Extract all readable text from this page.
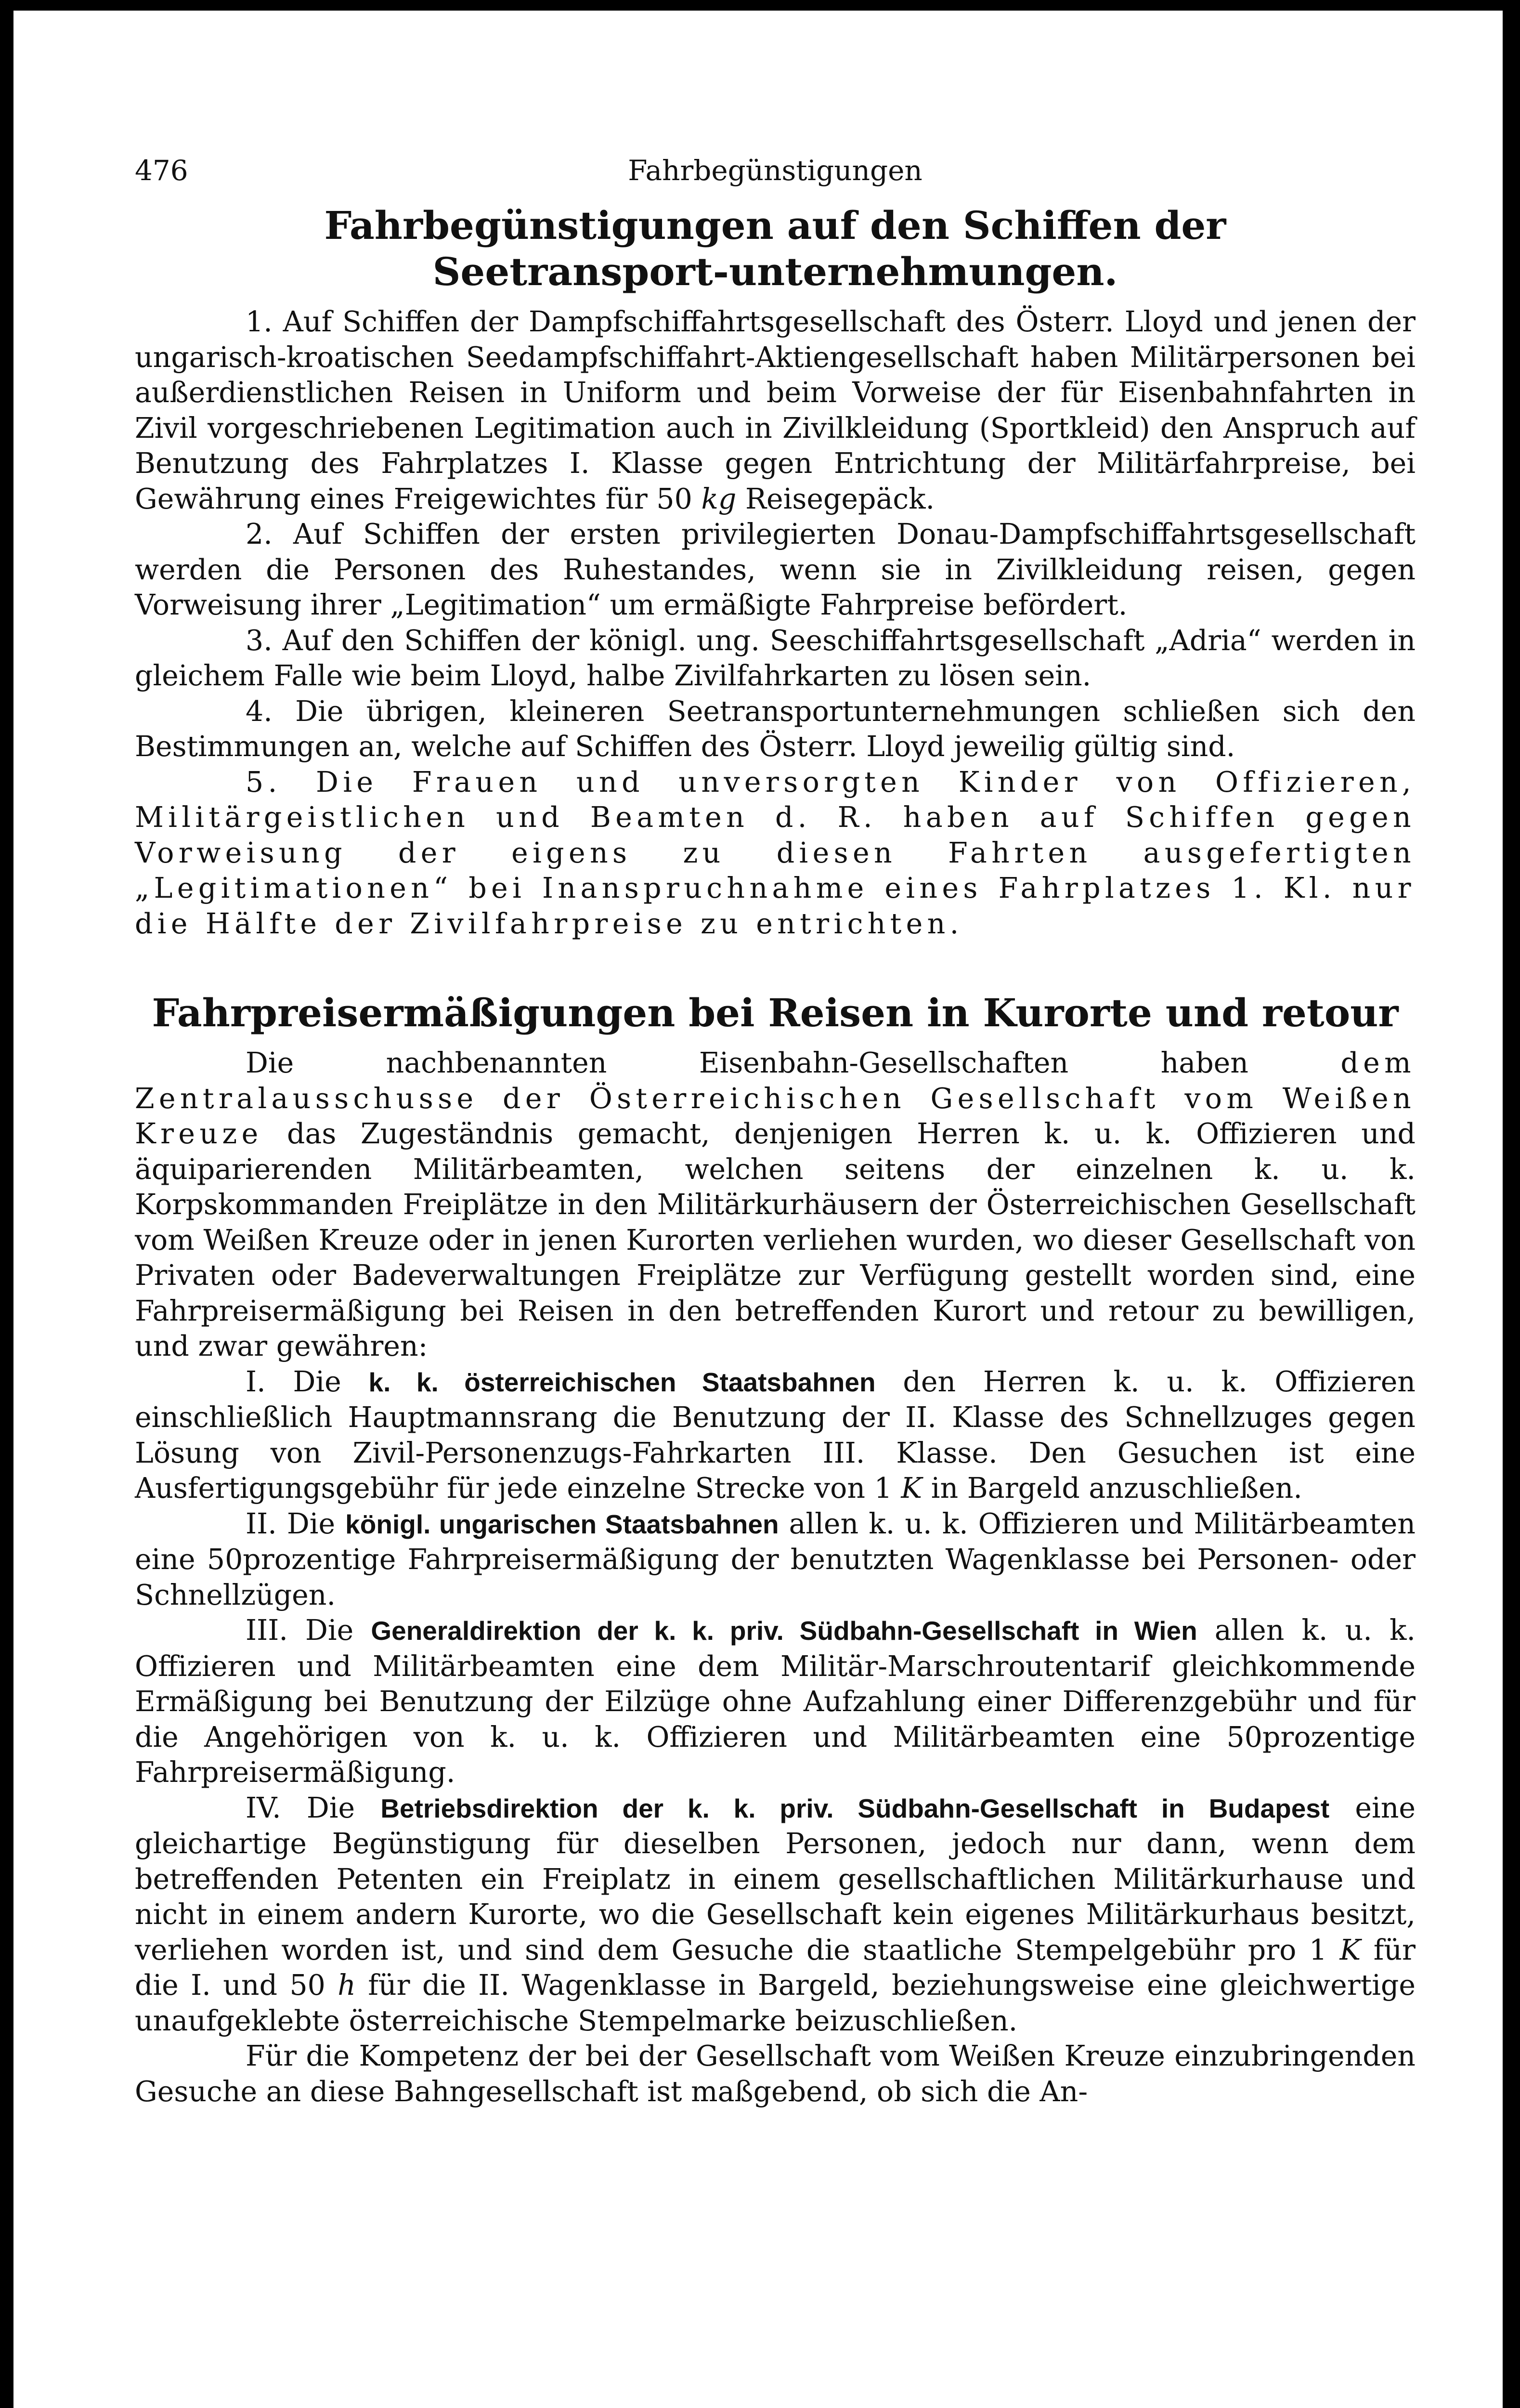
476	Fahrbegünstigungen
Fahrbegünstigungen auf den Schiffen der Seetransport-unternehmungen.

1. Auf Schiffen der Dampfschiffahrtsgesellschaft des Österr. Lloyd und jenen der ungarisch-kroatischen Seedampfschiffahrt-Aktiengesellschaft haben Militärpersonen bei außerdienstlichen Reisen in Uniform und beim Vorweise der für Eisenbahnfahrten in Zivil vorgeschriebenen Legitimation auch in Zivilkleidung (Sportkleid) den Anspruch auf Benutzung des Fahrplatzes I. Klasse gegen Entrichtung der Militärfahrpreise, bei Gewährung eines Freigewichtes für 50 kg Reisegepäck.

2. Auf Schiffen der ersten privilegierten Donau-Dampfschiffahrtsgesellschaft werden die Personen des Ruhestandes, wenn sie in Zivilkleidung reisen, gegen Vorweisung ihrer „Legitimation“ um ermäßigte Fahrpreise befördert.

3. Auf den Schiffen der königl. ung. Seeschiffahrtsgesellschaft „Adria“ werden in gleichem Falle wie beim Lloyd, halbe Zivilfahrkarten zu lösen sein.

4. Die übrigen, kleineren Seetransportunternehmungen schließen sich den Bestimmungen an, welche auf Schiffen des Österr. Lloyd jeweilig gültig sind.

5. Die Frauen und unversorgten Kinder von Offizieren, Militärgeistlichen und Beamten d. R. haben auf Schiffen gegen Vorweisung der eigens zu diesen Fahrten ausgefertigten „Legitimationen“ bei Inanspruchnahme eines Fahrplatzes 1. Kl. nur die Hälfte der Zivilfahrpreise zu entrichten.

Fahrpreisermäßigungen bei Reisen in Kurorte und retour

Die nachbenannten Eisenbahn-Gesellschaften haben dem Zentralausschusse der Österreichischen Gesellschaft vom Weißen Kreuze das Zugeständnis gemacht, denjenigen Herren k. u. k. Offizieren und äquiparierenden Militärbeamten, welchen seitens der einzelnen k. u. k. Korpskommanden Freiplätze in den Militärkurhäusern der Österreichischen Gesellschaft vom Weißen Kreuze oder in jenen Kurorten verliehen wurden, wo dieser Gesellschaft von Privaten oder Badeverwaltungen Freiplätze zur Verfügung gestellt worden sind, eine Fahrpreisermäßigung bei Reisen in den betreffenden Kurort und retour zu bewilligen, und zwar gewähren:

I. Die k. k. österreichischen Staatsbahnen den Herren k. u. k. Offizieren einschließlich Hauptmannsrang die Benutzung der II. Klasse des Schnellzuges gegen Lösung von Zivil-Personenzugs-Fahrkarten III. Klasse. Den Gesuchen ist eine Ausfertigungsgebühr für jede einzelne Strecke von 1 K in Bargeld anzuschließen.

II. Die königl. ungarischen Staatsbahnen allen k. u. k. Offizieren und Militärbeamten eine 50prozentige Fahrpreisermäßigung der benutzten Wagenklasse bei Personen- oder Schnellzügen.

III. Die Generaldirektion der k. k. priv. Südbahn-Gesellschaft in Wien allen k. u. k. Offizieren und Militärbeamten eine dem Militär-Marschroutentarif gleichkommende Ermäßigung bei Benutzung der Eilzüge ohne Aufzahlung einer Differenzgebühr und für die Angehörigen von k. u. k. Offizieren und Militärbeamten eine 50prozentige Fahrpreisermäßigung.

IV. Die Betriebsdirektion der k. k. priv. Südbahn-Gesellschaft in Budapest eine gleichartige Begünstigung für dieselben Personen, jedoch nur dann, wenn dem betreffenden Petenten ein Freiplatz in einem gesellschaftlichen Militärkurhause und nicht in einem andern Kurorte, wo die Gesellschaft kein eigenes Militärkurhaus besitzt, verliehen worden ist, und sind dem Gesuche die staatliche Stempelgebühr pro 1 K für die I. und 50 h für die II. Wagenklasse in Bargeld, beziehungsweise eine gleichwertige unaufgeklebte österreichische Stempelmarke beizuschließen.

Für die Kompetenz der bei der Gesellschaft vom Weißen Kreuze einzubringenden Gesuche an diese Bahngesellschaft ist maßgebend, ob sich die An-
